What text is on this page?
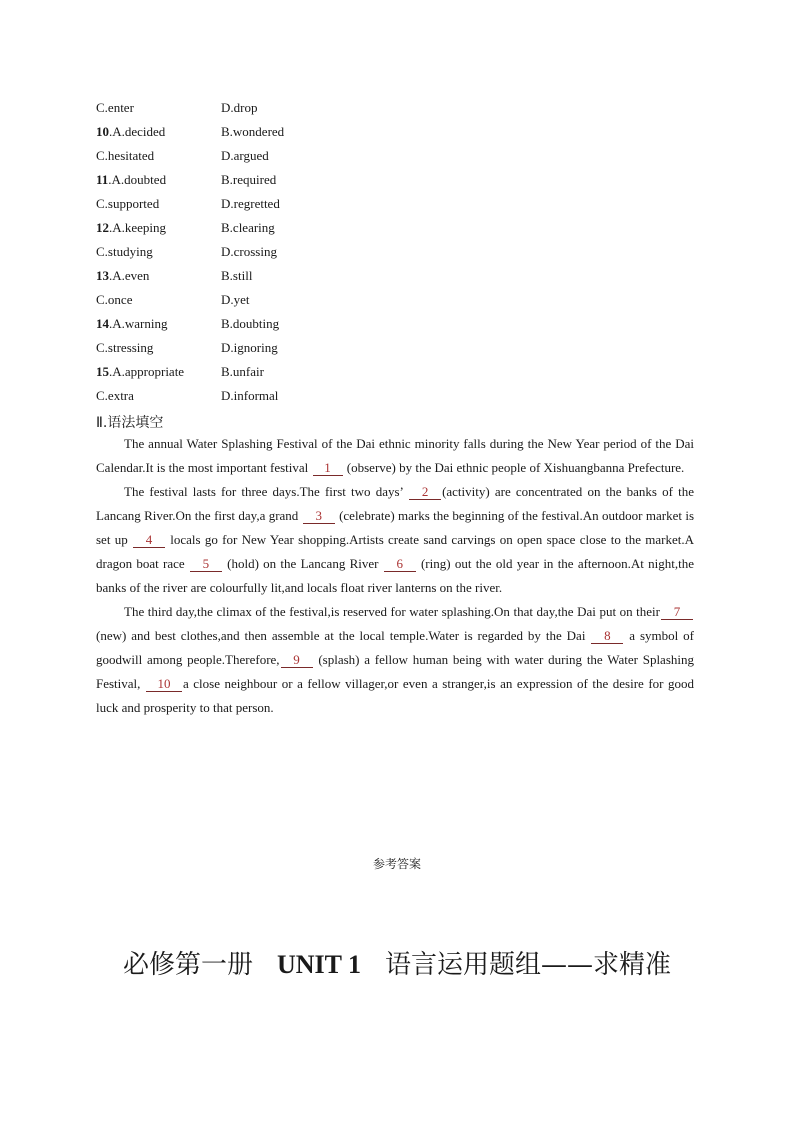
C.enter	D.drop
10.A.decided	B.wondered
C.hesitated	D.argued
11.A.doubted	B.required
C.supported	D.regretted
12.A.keeping	B.clearing
C.studying	D.crossing
13.A.even	B.still
C.once	D.yet
14.A.warning	B.doubting
C.stressing	D.ignoring
15.A.appropriate	B.unfair
C.extra	D.informal
Ⅱ.语法填空

The annual Water Splashing Festival of the Dai ethnic minority falls during the New Year period of the Dai Calendar.It is the most important festival 1 (observe) by the Dai ethnic people of Xishuangbanna Prefecture.

The festival lasts for three days.The first two days’ 2 (activity) are concentrated on the banks of the Lancang River.On the first day,a grand 3 (celebrate) marks the beginning of the festival.An outdoor market is set up 4 locals go for New Year shopping.Artists create sand carvings on open space close to the market.A dragon boat race 5 (hold) on the Lancang River 6 (ring) out the old year in the afternoon.At night,the banks of the river are colourfully lit,and locals float river lanterns on the river.

The third day,the climax of the festival,is reserved for water splashing.On that day,the Dai put on their 7 (new) and best clothes,and then assemble at the local temple.Water is regarded by the Dai 8 a symbol of goodwill among people.Therefore, 9 (splash) a fellow human being with water during the Water Splashing Festival, 10 a close neighbour or a fellow villager,or even a stranger,is an expression of the desire for good luck and prosperity to that person.

参考答案
必修第一册 UNIT 1 语言运用题组——求精准
